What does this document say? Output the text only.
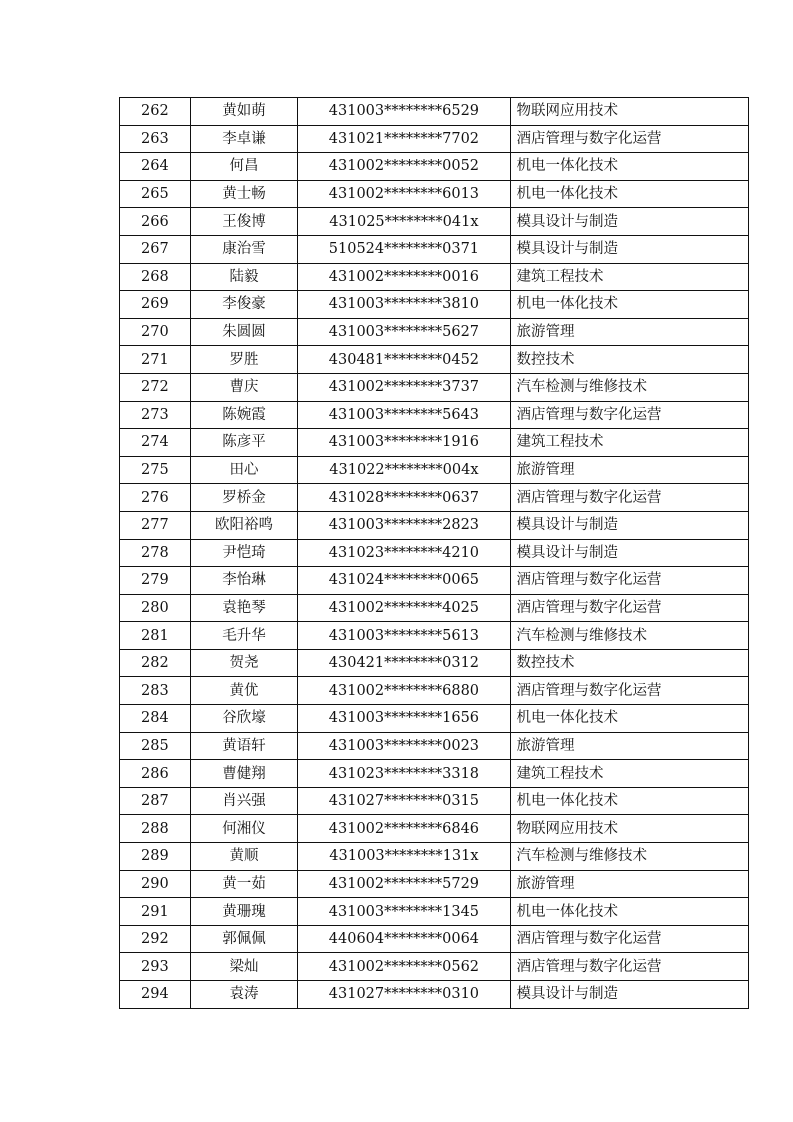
262	黄如萌	431003********6529	物联网应用技术
263	李卓谦	431021********7702	酒店管理与数字化运营
264	何昌	431002********0052	机电一体化技术
265	黄士畅	431002********6013	机电一体化技术
266	王俊博	431025********041x	模具设计与制造
267	康治雪	510524********0371	模具设计与制造
268	陆毅	431002********0016	建筑工程技术
269	李俊豪	431003********3810	机电一体化技术
270	朱圆圆	431003********5627	旅游管理
271	罗胜	430481********0452	数控技术
272	曹庆	431002********3737	汽车检测与维修技术
273	陈婉霞	431003********5643	酒店管理与数字化运营
274	陈彦平	431003********1916	建筑工程技术
275	田心	431022********004x	旅游管理
276	罗桥金	431028********0637	酒店管理与数字化运营
277	欧阳裕鸣	431003********2823	模具设计与制造
278	尹恺琦	431023********4210	模具设计与制造
279	李怡琳	431024********0065	酒店管理与数字化运营
280	袁艳琴	431002********4025	酒店管理与数字化运营
281	毛升华	431003********5613	汽车检测与维修技术
282	贺尧	430421********0312	数控技术
283	黄优	431002********6880	酒店管理与数字化运营
284	谷欣壕	431003********1656	机电一体化技术
285	黄语轩	431003********0023	旅游管理
286	曹健翔	431023********3318	建筑工程技术
287	肖兴强	431027********0315	机电一体化技术
288	何湘仪	431002********6846	物联网应用技术
289	黄顺	431003********131x	汽车检测与维修技术
290	黄一茹	431002********5729	旅游管理
291	黄珊瑰	431003********1345	机电一体化技术
292	郭佩佩	440604********0064	酒店管理与数字化运营
293	梁灿	431002********0562	酒店管理与数字化运营
294	袁涛	431027********0310	模具设计与制造
